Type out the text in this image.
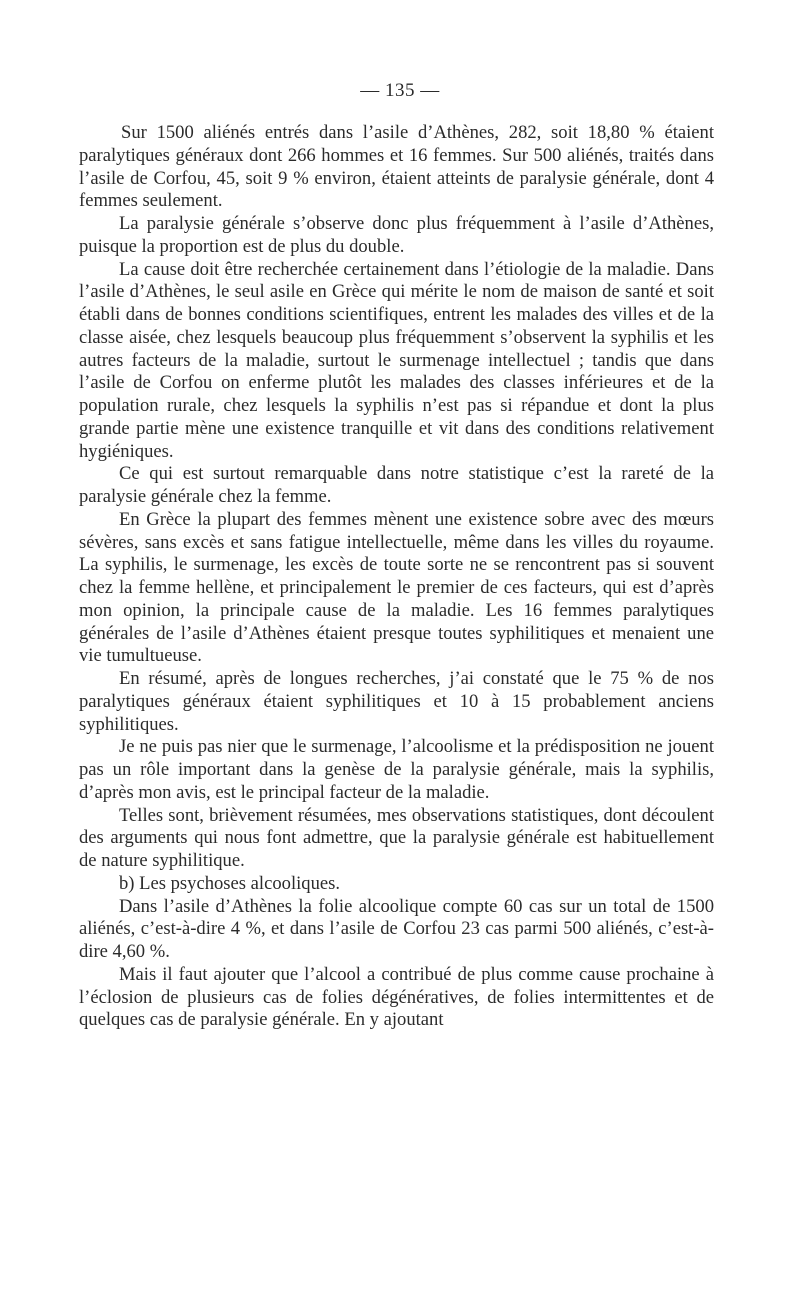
— 135 —

Sur 1500 aliénés entrés dans l’asile d’Athènes, 282, soit 18,80 % étaient paralytiques généraux dont 266 hommes et 16 femmes. Sur 500 aliénés, traités dans l’asile de Corfou, 45, soit 9 % environ, étaient atteints de paralysie générale, dont 4 femmes seulement.

La paralysie générale s’observe donc plus fréquemment à l’asile d’Athènes, puisque la proportion est de plus du double.

La cause doit être recherchée certainement dans l’étiologie de la maladie. Dans l’asile d’Athènes, le seul asile en Grèce qui mérite le nom de maison de santé et soit établi dans de bonnes conditions scientifiques, entrent les malades des villes et de la classe aisée, chez lesquels beaucoup plus fréquemment s’observent la syphilis et les autres facteurs de la maladie, surtout le surmenage intellectuel ; tandis que dans l’asile de Corfou on enferme plutôt les malades des classes inférieures et de la population rurale, chez lesquels la syphilis n’est pas si répandue et dont la plus grande partie mène une existence tranquille et vit dans des conditions relativement hygiéniques.

Ce qui est surtout remarquable dans notre statistique c’est la rareté de la paralysie générale chez la femme.

En Grèce la plupart des femmes mènent une existence sobre avec des mœurs sévères, sans excès et sans fatigue intellectuelle, même dans les villes du royaume. La syphilis, le surmenage, les excès de toute sorte ne se rencontrent pas si souvent chez la femme hellène, et principalement le premier de ces facteurs, qui est d’après mon opinion, la principale cause de la maladie. Les 16 femmes paralytiques générales de l’asile d’Athènes étaient presque toutes syphilitiques et menaient une vie tumultueuse.

En résumé, après de longues recherches, j’ai constaté que le 75 % de nos paralytiques généraux étaient syphilitiques et 10 à 15 probablement anciens syphilitiques.

Je ne puis pas nier que le surmenage, l’alcoolisme et la prédisposition ne jouent pas un rôle important dans la genèse de la paralysie générale, mais la syphilis, d’après mon avis, est le principal facteur de la maladie.

Telles sont, brièvement résumées, mes observations statistiques, dont découlent des arguments qui nous font admettre, que la paralysie générale est habituellement de nature syphilitique.

b) Les psychoses alcooliques.

Dans l’asile d’Athènes la folie alcoolique compte 60 cas sur un total de 1500 aliénés, c’est-à-dire 4 %, et dans l’asile de Corfou 23 cas parmi 500 aliénés, c’est-à-dire 4,60 %.

Mais il faut ajouter que l’alcool a contribué de plus comme cause prochaine à l’éclosion de plusieurs cas de folies dégénératives, de folies intermittentes et de quelques cas de paralysie générale. En y ajoutant
